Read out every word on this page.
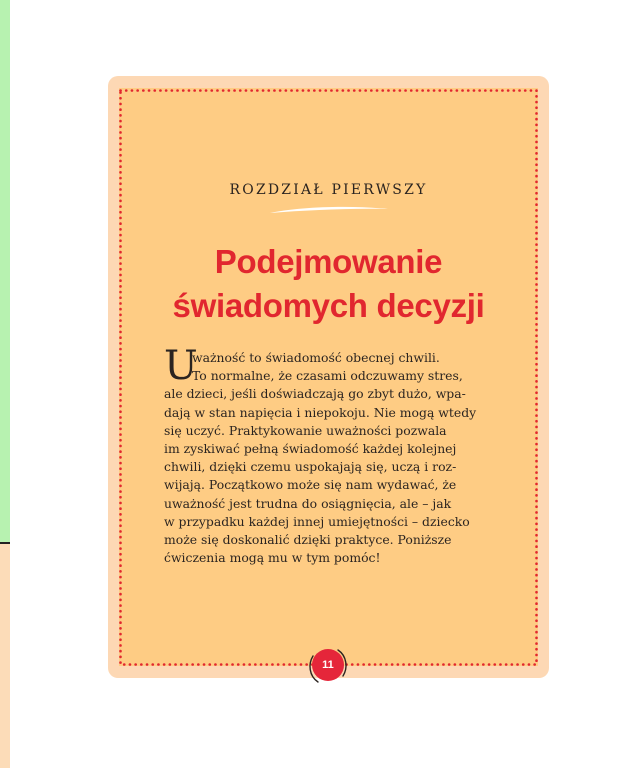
ROZDZIAŁ PIERWSZY
Podejmowanie
świadomych decyzji
U
ważność to świadomość obecnej chwili.
To normalne, że czasami odczuwamy stres,
ale dzieci, jeśli doświadczają go zbyt dużo, wpa-
dają w stan napięcia i niepokoju. Nie mogą wtedy
się uczyć. Praktykowanie uważności pozwala
im zyskiwać pełną świadomość każdej kolejnej
chwili, dzięki czemu uspokajają się, uczą i roz-
wijają. Początkowo może się nam wydawać, że
uważność jest trudna do osiągnięcia, ale – jak
w przypadku każdej innej umiejętności – dziecko
może się doskonalić dzięki praktyce. Poniższe
ćwiczenia mogą mu w tym pomóc!
11
